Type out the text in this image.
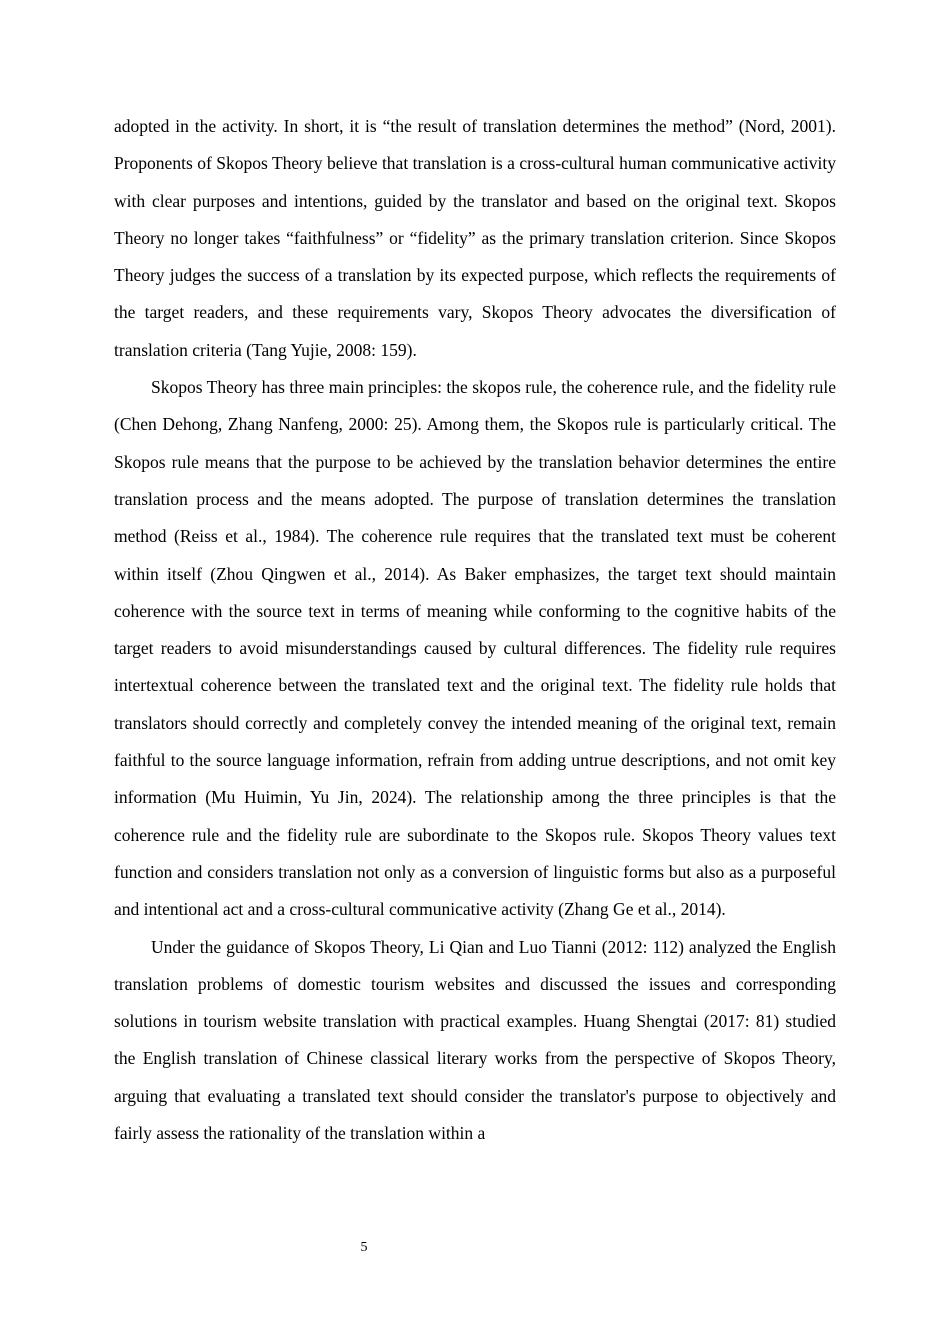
adopted in the activity. In short, it is “the result of translation determines the method” (Nord, 2001). Proponents of Skopos Theory believe that translation is a cross-cultural human communicative activity with clear purposes and intentions, guided by the translator and based on the original text. Skopos Theory no longer takes “faithfulness” or “fidelity” as the primary translation criterion. Since Skopos Theory judges the success of a translation by its expected purpose, which reflects the requirements of the target readers, and these requirements vary, Skopos Theory advocates the diversification of translation criteria (Tang Yujie, 2008: 159).

Skopos Theory has three main principles: the skopos rule, the coherence rule, and the fidelity rule (Chen Dehong, Zhang Nanfeng, 2000: 25). Among them, the Skopos rule is particularly critical. The Skopos rule means that the purpose to be achieved by the translation behavior determines the entire translation process and the means adopted. The purpose of translation determines the translation method (Reiss et al., 1984). The coherence rule requires that the translated text must be coherent within itself (Zhou Qingwen et al., 2014). As Baker emphasizes, the target text should maintain coherence with the source text in terms of meaning while conforming to the cognitive habits of the target readers to avoid misunderstandings caused by cultural differences. The fidelity rule requires intertextual coherence between the translated text and the original text. The fidelity rule holds that translators should correctly and completely convey the intended meaning of the original text, remain faithful to the source language information, refrain from adding untrue descriptions, and not omit key information (Mu Huimin, Yu Jin, 2024). The relationship among the three principles is that the coherence rule and the fidelity rule are subordinate to the Skopos rule. Skopos Theory values text function and considers translation not only as a conversion of linguistic forms but also as a purposeful and intentional act and a cross-cultural communicative activity (Zhang Ge et al., 2014).

Under the guidance of Skopos Theory, Li Qian and Luo Tianni (2012: 112) analyzed the English translation problems of domestic tourism websites and discussed the issues and corresponding solutions in tourism website translation with practical examples. Huang Shengtai (2017: 81) studied the English translation of Chinese classical literary works from the perspective of Skopos Theory, arguing that evaluating a translated text should consider the translator's purpose to objectively and fairly assess the rationality of the translation within a

5
